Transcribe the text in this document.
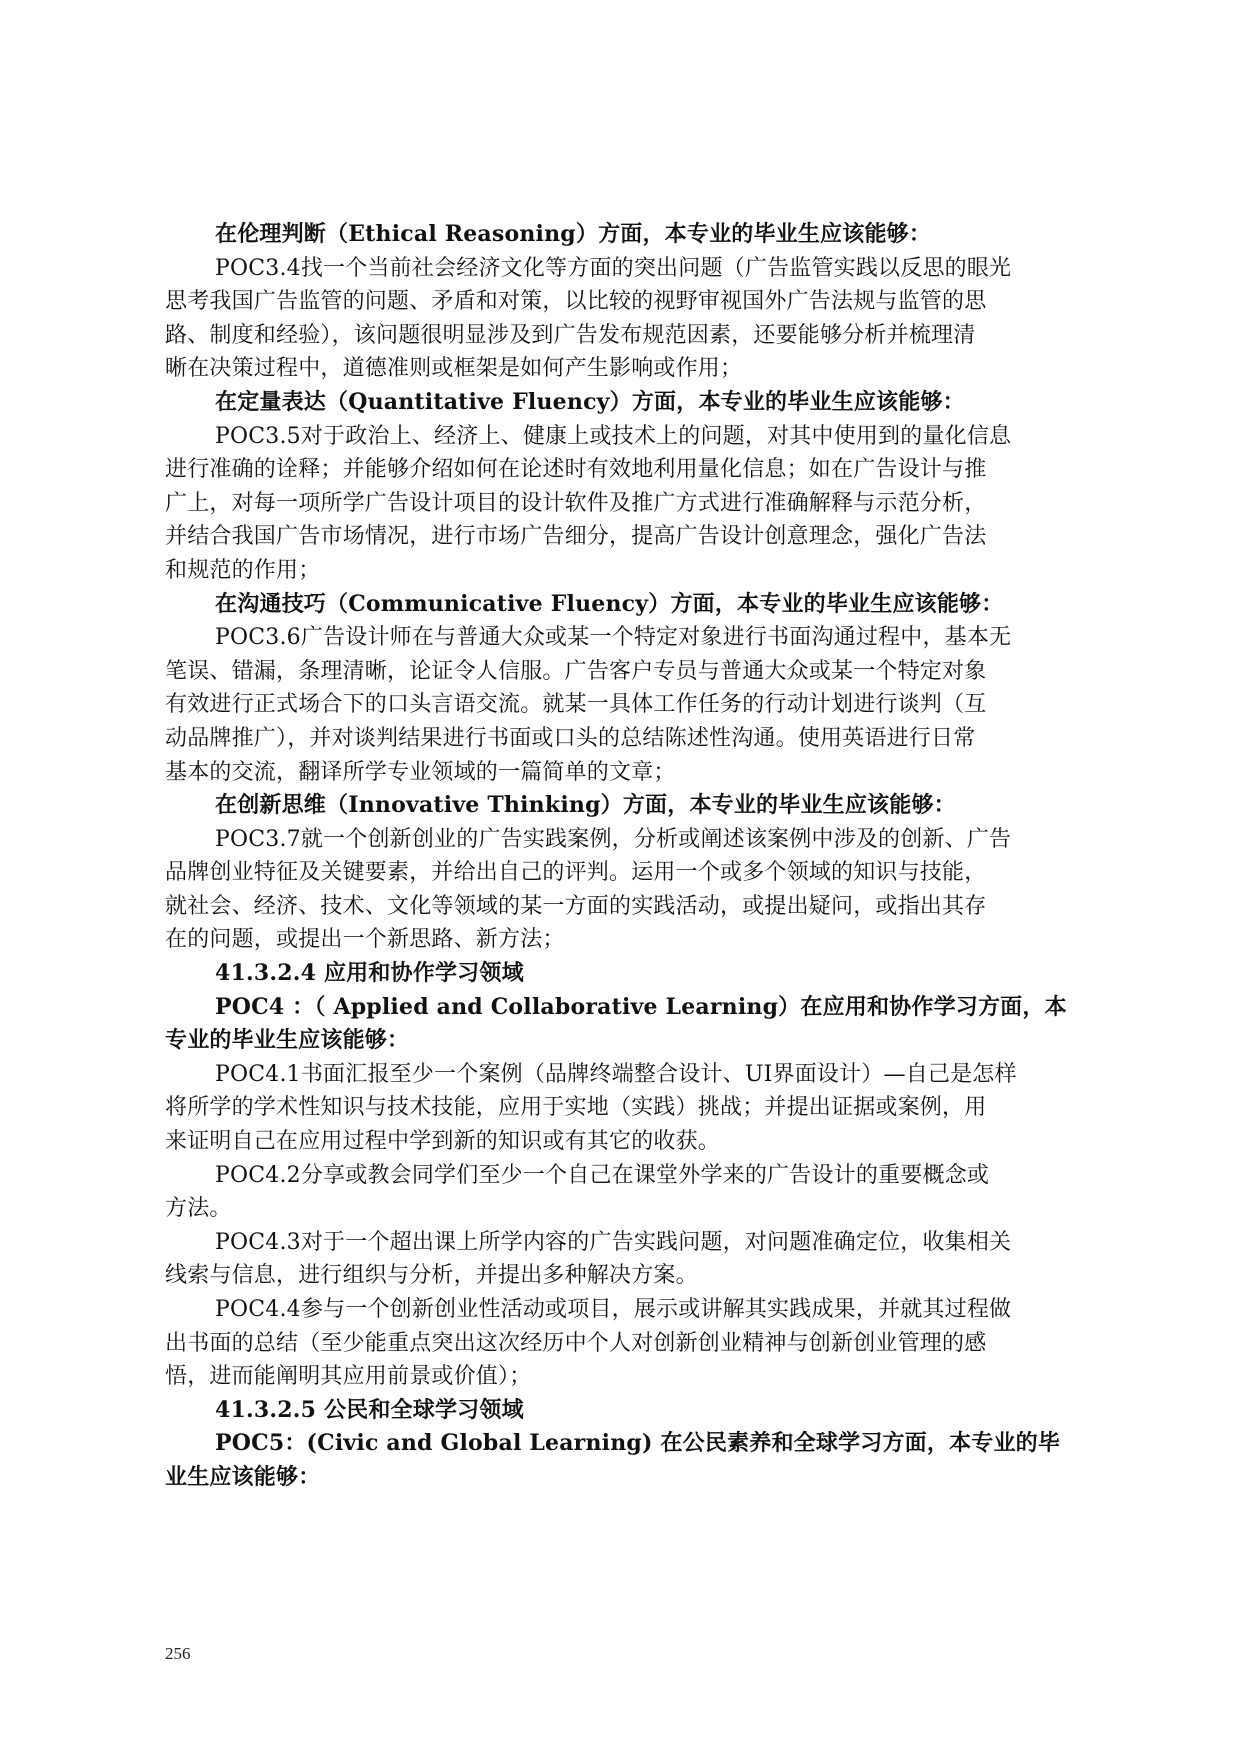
在伦理判断（Ethical Reasoning）方面，本专业的毕业生应该能够：
POC3.4找一个当前社会经济文化等方面的突出问题（广告监管实践以反思的眼光
思考我国广告监管的问题、矛盾和对策，以比较的视野审视国外广告法规与监管的思
路、制度和经验），该问题很明显涉及到广告发布规范因素，还要能够分析并梳理清
晰在决策过程中，道德准则或框架是如何产生影响或作用；
在定量表达（Quantitative Fluency）方面，本专业的毕业生应该能够：
POC3.5对于政治上、经济上、健康上或技术上的问题，对其中使用到的量化信息
进行准确的诠释；并能够介绍如何在论述时有效地利用量化信息；如在广告设计与推
广上，对每一项所学广告设计项目的设计软件及推广方式进行准确解释与示范分析，
并结合我国广告市场情况，进行市场广告细分，提高广告设计创意理念，强化广告法
和规范的作用；
在沟通技巧（Communicative Fluency）方面，本专业的毕业生应该能够：
POC3.6广告设计师在与普通大众或某一个特定对象进行书面沟通过程中，基本无
笔误、错漏，条理清晰，论证令人信服。广告客户专员与普通大众或某一个特定对象
有效进行正式场合下的口头言语交流。就某一具体工作任务的行动计划进行谈判（互
动品牌推广），并对谈判结果进行书面或口头的总结陈述性沟通。使用英语进行日常
基本的交流，翻译所学专业领域的一篇简单的文章；
在创新思维（Innovative Thinking）方面，本专业的毕业生应该能够：
POC3.7就一个创新创业的广告实践案例，分析或阐述该案例中涉及的创新、广告
品牌创业特征及关键要素，并给出自己的评判。运用一个或多个领域的知识与技能，
就社会、经济、技术、文化等领域的某一方面的实践活动，或提出疑问，或指出其存
在的问题，或提出一个新思路、新方法；
41.3.2.4 应用和协作学习领域
POC4 ：（ Applied and Collaborative Learning）在应用和协作学习方面，本
专业的毕业生应该能够：
POC4.1书面汇报至少一个案例（品牌终端整合设计、UI界面设计）—自己是怎样
将所学的学术性知识与技术技能，应用于实地（实践）挑战；并提出证据或案例，用
来证明自己在应用过程中学到新的知识或有其它的收获。
POC4.2分享或教会同学们至少一个自己在课堂外学来的广告设计的重要概念或
方法。
POC4.3对于一个超出课上所学内容的广告实践问题，对问题准确定位，收集相关
线索与信息，进行组织与分析，并提出多种解决方案。
POC4.4参与一个创新创业性活动或项目，展示或讲解其实践成果，并就其过程做
出书面的总结（至少能重点突出这次经历中个人对创新创业精神与创新创业管理的感
悟，进而能阐明其应用前景或价值）；
41.3.2.5 公民和全球学习领域
POC5：(Civic and Global Learning) 在公民素养和全球学习方面，本专业的毕
业生应该能够：
256
